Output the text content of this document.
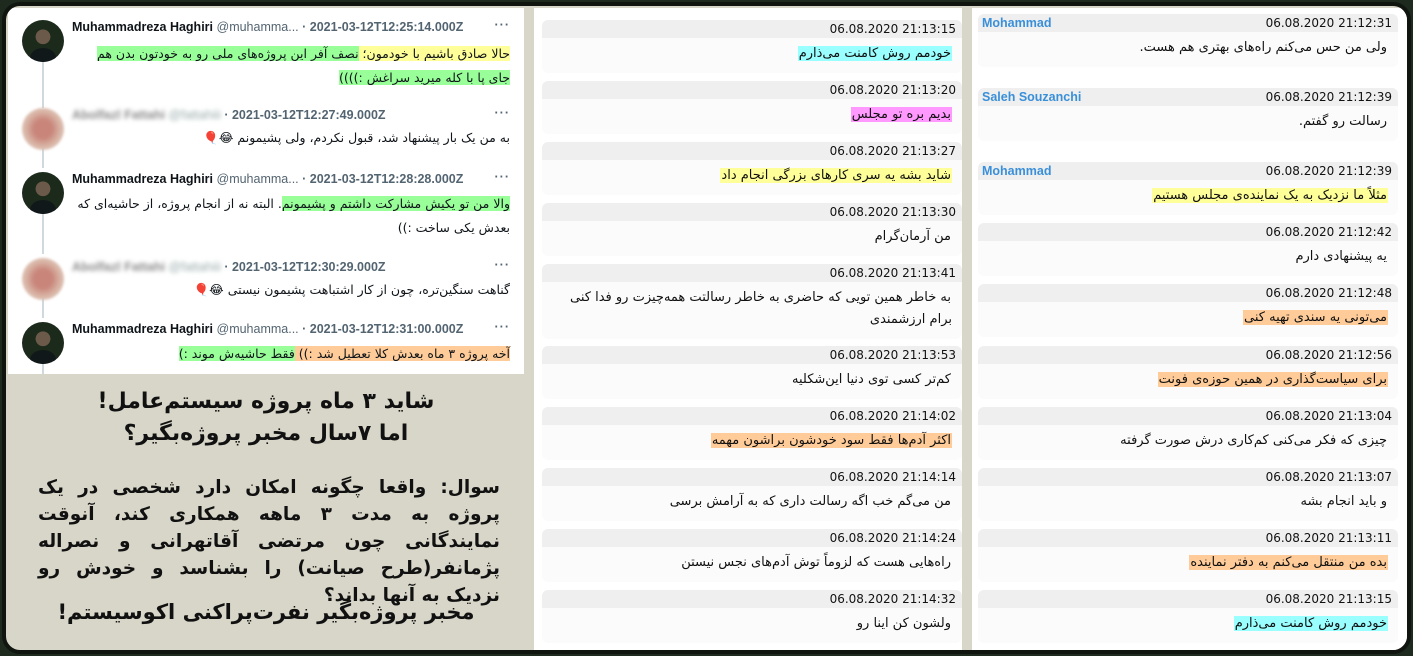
Muhammadreza Haghiri @muhamma... · 2021-03-12T12:25:14.000Z ···
حالا صادق باشیم با خودمون؛ نصف آفر این پروژه‌های ملی رو به خودتون بدن هم جای پا با کله میرید سراغش :))))
Abolfazl Fattahi @fattahiii · 2021-03-12T12:27:49.000Z	···
به من یک بار پیشنهاد شد، قبول نکردم، ولی پشیمونم 😂🎈
Muhammadreza Haghiri @muhamma... · 2021-03-12T12:28:28.000Z ···
والا من تو یکیش مشارکت داشتم و پشیمونم. البته نه از انجام پروژه، از حاشیه‌ای که بعدش یکی ساخت :))
Abolfazl Fattahi @fattahiii · 2021-03-12T12:30:29.000Z	···
گناهت سنگین‌تره، چون از کار اشتباهت پشیمون نیستی 😂🎈
Muhammadreza Haghiri @muhamma... · 2021-03-12T12:31:00.000Z ···
آخه پروژه ۳ ماه بعدش کلا تعطیل شد :)) فقط حاشیه‌ش موند :)
شاید ۳ ماه پروژه سیستم‌عامل!
اما ۷سال مخبر پروژه‌بگیر؟
سوال: واقعا چگونه امکان دارد شخصی در یک پروژه به مدت ۳ ماهه همکاری کند، آنوقت نمایندگانی چون مرتضی آقاتهرانی و نصراله پژمانفر(طرح صیانت) را بشناسد و خودش رو نزدیک به آنها بداند؟
مخبر پروژه‌بگیر نفرت‌پراکنی اکوسیستم!
06.08.2020 21:13:15
خودمم روش کامنت می‌ذارم
06.08.2020 21:13:20
بدیم بره تو مجلس
06.08.2020 21:13:27
شاید بشه یه سری کارهای بزرگی انجام داد
06.08.2020 21:13:30
من آرمان‌گرام
06.08.2020 21:13:41
به خاطر همین تویی که حاضری به خاطر رسالتت همه‌چیزت رو فدا کنی برام ارزشمندی
06.08.2020 21:13:53
کم‌تر کسی توی دنیا این‌شکلیه
06.08.2020 21:14:02
اکثر آدم‌ها فقط سود خودشون براشون مهمه
06.08.2020 21:14:14
من می‌گم خب اگه رسالت داری که به آرامش برسی
06.08.2020 21:14:24
راه‌هایی هست که لزوماً توش آدم‌های نجس نیستن
06.08.2020 21:14:32
ولشون کن اینا رو
Mohammad	06.08.2020 21:12:31
ولی من حس می‌کنم راه‌های بهتری هم هست.
Saleh Souzanchi	06.08.2020 21:12:39
رسالت رو گفتم.
Mohammad	06.08.2020 21:12:39
مثلاً ما نزدیک به یک نماینده‌ی مجلس هستیم
06.08.2020 21:12:42
یه پیشنهادی دارم
06.08.2020 21:12:48
می‌تونی یه سندی تهیه کنی
06.08.2020 21:12:56
برای سیاست‌گذاری در همین حوزه‌ی فونت
06.08.2020 21:13:04
چیزی که فکر می‌کنی کم‌کاری درش صورت گرفته
06.08.2020 21:13:07
و باید انجام بشه
06.08.2020 21:13:11
بده من منتقل می‌کنم به دفتر نماینده
06.08.2020 21:13:15
خودمم روش کامنت می‌ذارم
